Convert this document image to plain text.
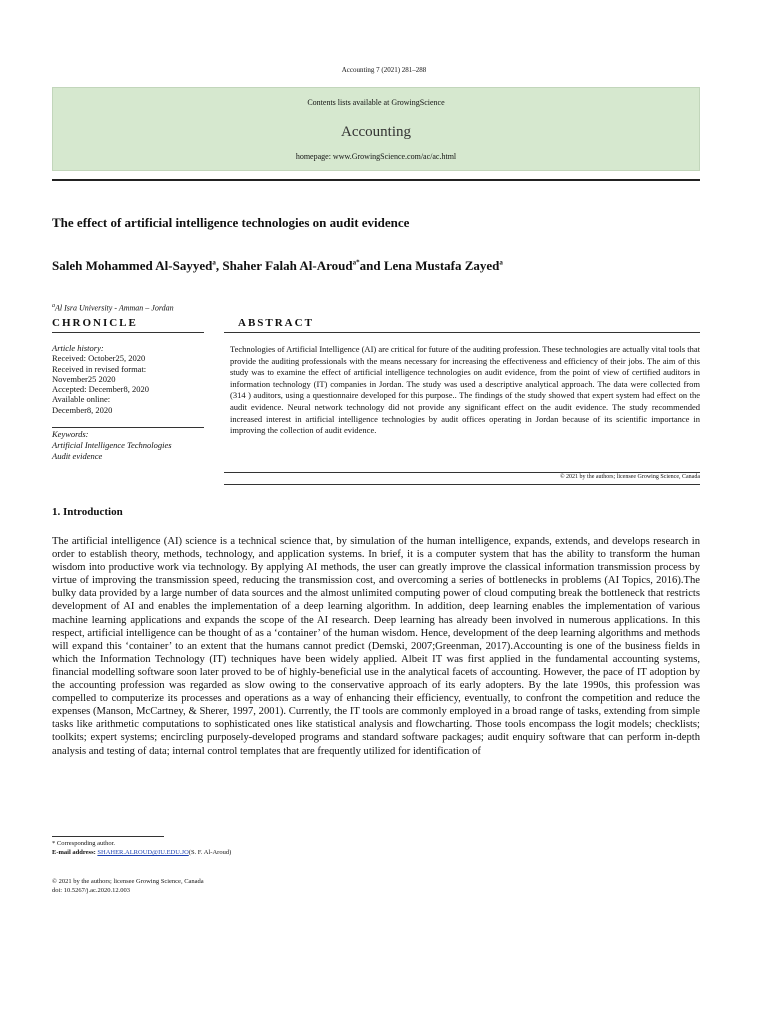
Accounting 7 (2021) 281–288
Contents lists available at GrowingScience
Accounting
homepage: www.GrowingScience.com/ac/ac.html
The effect of artificial intelligence technologies on audit evidence
Saleh Mohammed Al-Sayyed$^a$, Shaher Falah Al-Aroud$^{a*}$and Lena Mustafa Zayed$^a$
$^a$Al Isra University - Amman – Jordan
CHRONICLE	ABSTRACT
Article history:
Received: October25, 2020
Received in revised format:
November25 2020
Accepted: December8, 2020
Available online:
December8, 2020
Keywords:
Artificial Intelligence Technologies
Audit evidence
Technologies of Artificial Intelligence (AI) are critical for future of the auditing profession. These technologies are actually vital tools that provide the auditing professionals with the means necessary for increasing the effectiveness and efficiency of their jobs. The aim of this study was to examine the effect of artificial intelligence technologies on audit evidence, from the point of view of certified auditors in information technology (IT) companies in Jordan. The study was used a descriptive analytical approach. The data were collected from (314 ) auditors, using a questionnaire developed for this purpose.. The findings of the study showed that expert system had effect on the audit evidence. Neural network technology did not provide any significant effect on the audit evidence. The study recommended increased interest in artificial intelligence technologies by audit offices operating in Jordan because of its scientific importance in improving the collection of audit evidence.
© 2021 by the authors; licensee Growing Science, Canada
1. Introduction
The artificial intelligence (AI) science is a technical science that, by simulation of the human intelligence, expands, extends, and develops research in order to establish theory, methods, technology, and application systems. In brief, it is a computer system that has the ability to transform the human wisdom into productive work via technology. By applying AI methods, the user can greatly improve the classical information transmission process by virtue of improving the transmission speed, reducing the transmission cost, and overcoming a series of bottlenecks in problems (AI Topics, 2016).The bulky data provided by a large number of data sources and the almost unlimited computing power of cloud computing break the bottleneck that restricts development of AI and enables the implementation of a deep learning algorithm. In addition, deep learning enables the implementation of various machine learning applications and expands the scope of the AI research. Deep learning has already been involved in numerous applications. In this respect, artificial intelligence can be thought of as a ‘container’ of the human wisdom. Hence, development of the deep learning algorithms and methods will expand this ‘container’ to an extent that the humans cannot predict (Demski, 2007;Greenman, 2017).Accounting is one of the business fields in which the Information Technology (IT) techniques have been widely applied. Albeit IT was first applied in the fundamental accounting systems, financial modelling software soon later proved to be of highly-beneficial use in the analytical facets of accounting. However, the pace of IT adoption by the accounting profession was regarded as slow owing to the conservative approach of its early adopters. By the late 1990s, this profession was compelled to computerize its processes and operations as a way of enhancing their efficiency, eventually, to confront the competition and reduce the expenses (Manson, McCartney, & Sherer, 1997, 2001). Currently, the IT tools are commonly employed in a broad range of tasks, extending from simple tasks like arithmetic computations to sophisticated ones like statistical analysis and flowcharting. Those tools encompass the logit models; checklists; toolkits; expert systems; encircling purposely-developed programs and standard software packages; audit enquiry software that can perform in-depth analysis and testing of data; internal control templates that are frequently utilized for identification of
* Corresponding author.
E-mail address: SHAHER.ALROUD@IU.EDU.JO(S. F. Al-Aroud)
© 2021 by the authors; licensee Growing Science, Canada
doi: 10.5267/j.ac.2020.12.003
